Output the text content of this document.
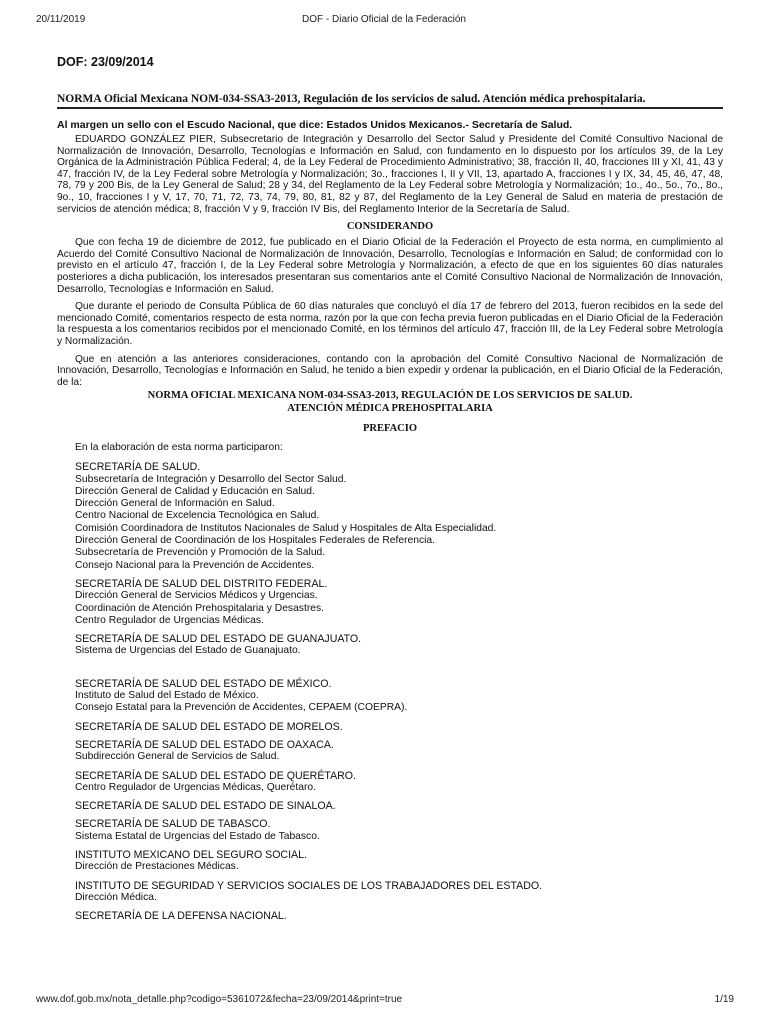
20/11/2019	DOF - Diario Oficial de la Federación
DOF: 23/09/2014
NORMA Oficial Mexicana NOM-034-SSA3-2013, Regulación de los servicios de salud. Atención médica prehospitalaria.
Al margen un sello con el Escudo Nacional, que dice: Estados Unidos Mexicanos.- Secretaría de Salud.

EDUARDO GONZÁLEZ PIER, Subsecretario de Integración y Desarrollo del Sector Salud y Presidente del Comité Consultivo Nacional de Normalización de Innovación, Desarrollo, Tecnologías e Información en Salud, con fundamento en lo dispuesto por los artículos 39, de la Ley Orgánica de la Administración Pública Federal; 4, de la Ley Federal de Procedimiento Administrativo; 38, fracción II, 40, fracciones III y XI, 41, 43 y 47, fracción IV, de la Ley Federal sobre Metrología y Normalización; 3o., fracciones I, II y VII, 13, apartado A, fracciones I y IX, 34, 45, 46, 47, 48, 78, 79 y 200 Bis, de la Ley General de Salud; 28 y 34, del Reglamento de la Ley Federal sobre Metrología y Normalización; 1o., 4o., 5o., 7o., 8o., 9o., 10, fracciones I y V, 17, 70, 71, 72, 73, 74, 79, 80, 81, 82 y 87, del Reglamento de la Ley General de Salud en materia de prestación de servicios de atención médica; 8, fracción V y 9, fracción IV Bis, del Reglamento Interior de la Secretaría de Salud.

CONSIDERANDO

Que con fecha 19 de diciembre de 2012, fue publicado en el Diario Oficial de la Federación el Proyecto de esta norma, en cumplimiento al Acuerdo del Comité Consultivo Nacional de Normalización de Innovación, Desarrollo, Tecnologías e Información en Salud; de conformidad con lo previsto en el artículo 47, fracción I, de la Ley Federal sobre Metrología y Normalización, a efecto de que en los siguientes 60 días naturales posteriores a dicha publicación, los interesados presentaran sus comentarios ante el Comité Consultivo Nacional de Normalización de Innovación, Desarrollo, Tecnologías e Información en Salud.

Que durante el periodo de Consulta Pública de 60 días naturales que concluyó el día 17 de febrero del 2013, fueron recibidos en la sede del mencionado Comité, comentarios respecto de esta norma, razón por la que con fecha previa fueron publicadas en el Diario Oficial de la Federación la respuesta a los comentarios recibidos por el mencionado Comité, en los términos del artículo 47, fracción III, de la Ley Federal sobre Metrología y Normalización.

Que en atención a las anteriores consideraciones, contando con la aprobación del Comité Consultivo Nacional de Normalización de Innovación, Desarrollo, Tecnologías e Información en Salud, he tenido a bien expedir y ordenar la publicación, en el Diario Oficial de la Federación, de la:

NORMA OFICIAL MEXICANA NOM-034-SSA3-2013, REGULACIÓN DE LOS SERVICIOS DE SALUD.
ATENCIÓN MÉDICA PREHOSPITALARIA
PREFACIO
En la elaboración de esta norma participaron:
SECRETARÍA DE SALUD.
Subsecretaría de Integración y Desarrollo del Sector Salud.
Dirección General de Calidad y Educación en Salud.
Dirección General de Información en Salud.
Centro Nacional de Excelencia Tecnológica en Salud.
Comisión Coordinadora de Institutos Nacionales de Salud y Hospitales de Alta Especialidad.
Dirección General de Coordinación de los Hospitales Federales de Referencia.
Subsecretaría de Prevención y Promoción de la Salud.
Consejo Nacional para la Prevención de Accidentes.
SECRETARÍA DE SALUD DEL DISTRITO FEDERAL.
Dirección General de Servicios Médicos y Urgencias.
Coordinación de Atención Prehospitalaria y Desastres.
Centro Regulador de Urgencias Médicas.
SECRETARÍA DE SALUD DEL ESTADO DE GUANAJUATO.
Sistema de Urgencias del Estado de Guanajuato.
SECRETARÍA DE SALUD DEL ESTADO DE MÉXICO.
Instituto de Salud del Estado de México.
Consejo Estatal para la Prevención de Accidentes, CEPAEM (COEPRA).
SECRETARÍA DE SALUD DEL ESTADO DE MORELOS.
SECRETARÍA DE SALUD DEL ESTADO DE OAXACA.
Subdirección General de Servicios de Salud.
SECRETARÍA DE SALUD DEL ESTADO DE QUERÉTARO.
Centro Regulador de Urgencias Médicas, Querétaro.
SECRETARÍA DE SALUD DEL ESTADO DE SINALOA.
SECRETARÍA DE SALUD DE TABASCO.
Sistema Estatal de Urgencias del Estado de Tabasco.
INSTITUTO MEXICANO DEL SEGURO SOCIAL.
Dirección de Prestaciones Médicas.
INSTITUTO DE SEGURIDAD Y SERVICIOS SOCIALES DE LOS TRABAJADORES DEL ESTADO.
Dirección Médica.
SECRETARÍA DE LA DEFENSA NACIONAL.
www.dof.gob.mx/nota_detalle.php?codigo=5361072&fecha=23/09/2014&print=true	1/19
